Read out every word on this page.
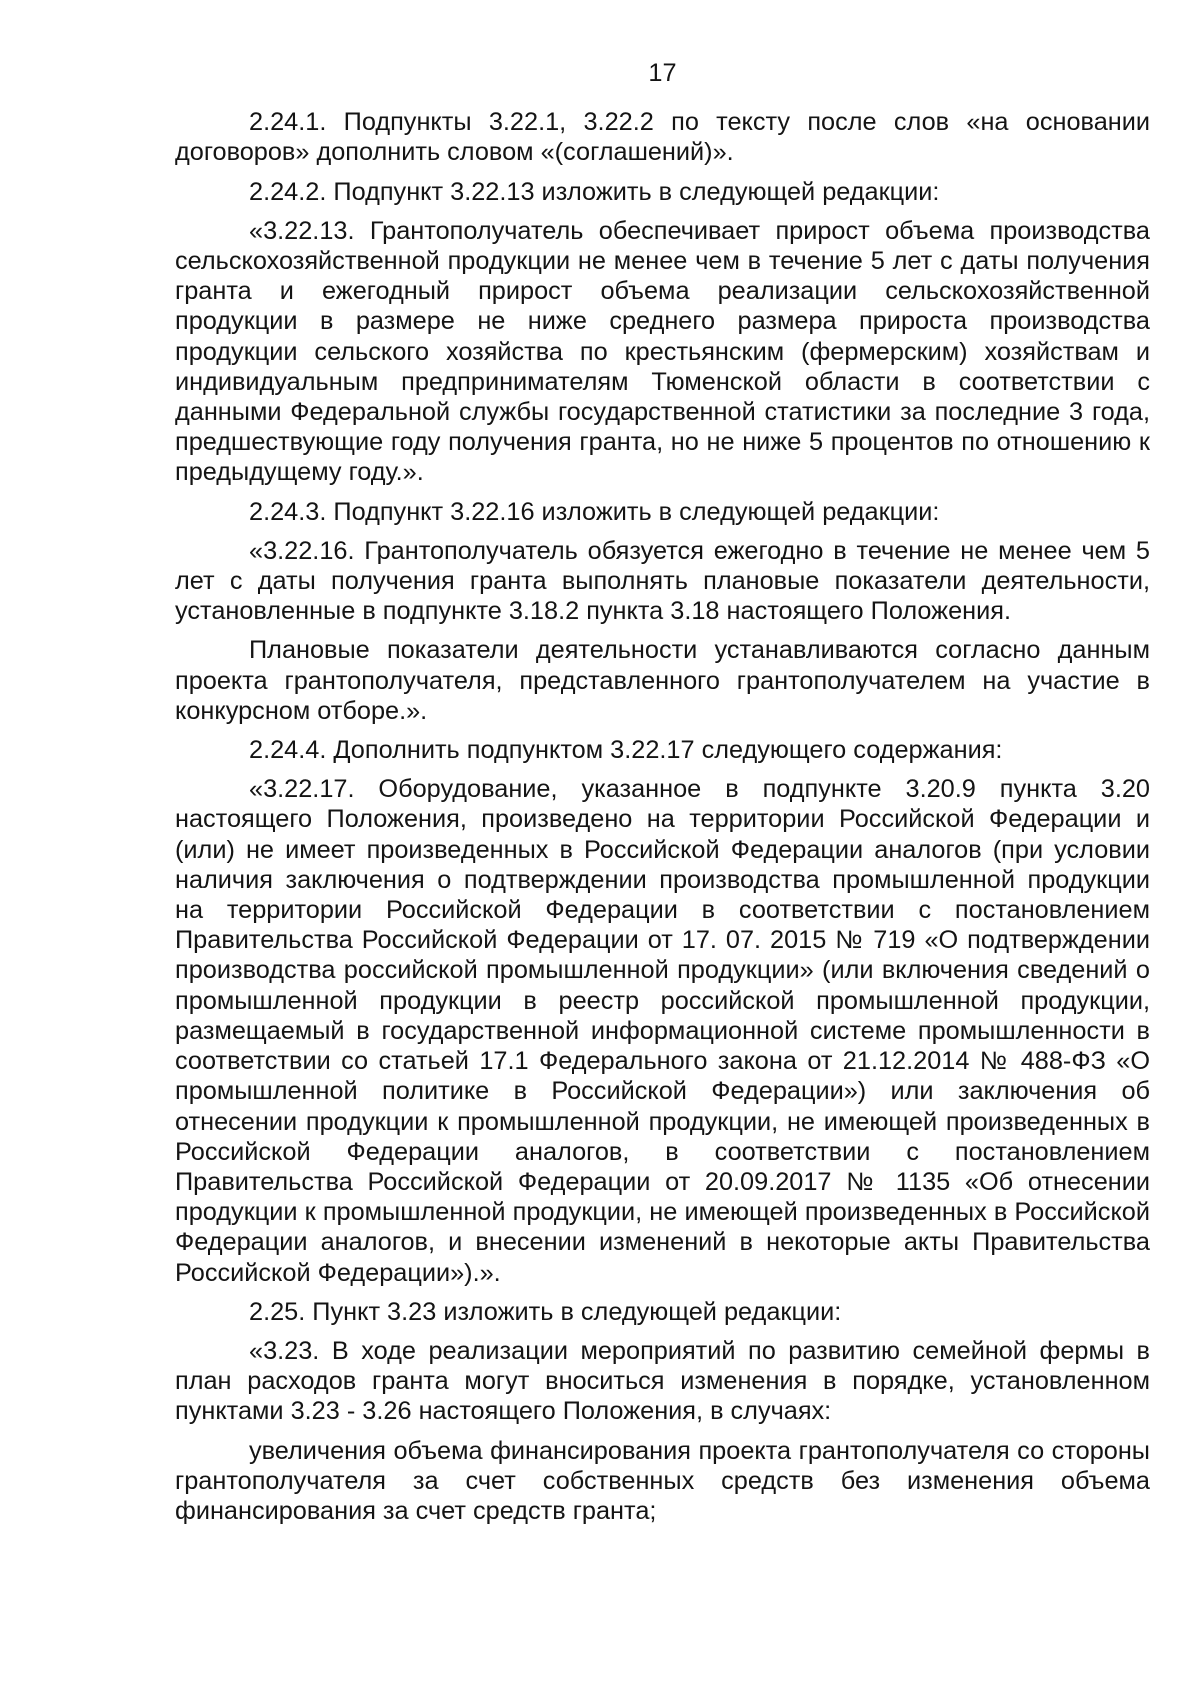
17

2.24.1. Подпункты 3.22.1, 3.22.2 по тексту после слов «на основании договоров» дополнить словом «(соглашений)».

2.24.2. Подпункт 3.22.13 изложить в следующей редакции:

«3.22.13. Грантополучатель обеспечивает прирост объема производства сельскохозяйственной продукции не менее чем в течение 5 лет с даты получения гранта и ежегодный прирост объема реализации сельскохозяйственной продукции в размере не ниже среднего размера прироста производства продукции сельского хозяйства по крестьянским (фермерским) хозяйствам и индивидуальным предпринимателям Тюменской области в соответствии с данными Федеральной службы государственной статистики за последние 3 года, предшествующие году получения гранта, но не ниже 5 процентов по отношению к предыдущему году.».

2.24.3. Подпункт 3.22.16 изложить в следующей редакции:

«3.22.16. Грантополучатель обязуется ежегодно в течение не менее чем 5 лет с даты получения гранта выполнять плановые показатели деятельности, установленные в подпункте 3.18.2 пункта 3.18 настоящего Положения.

Плановые показатели деятельности устанавливаются согласно данным проекта грантополучателя, представленного грантополучателем на участие в конкурсном отборе.».

2.24.4. Дополнить подпунктом 3.22.17 следующего содержания:

«3.22.17. Оборудование, указанное в подпункте 3.20.9 пункта 3.20 настоящего Положения, произведено на территории Российской Федерации и (или) не имеет произведенных в Российской Федерации аналогов (при условии наличия заключения о подтверждении производства промышленной продукции на территории Российской Федерации в соответствии с постановлением Правительства Российской Федерации от 17. 07. 2015 № 719 «О подтверждении производства российской промышленной продукции» (или включения сведений о промышленной продукции в реестр российской промышленной продукции, размещаемый в государственной информационной системе промышленности в соответствии со статьей 17.1 Федерального закона от 21.12.2014 № 488-ФЗ «О промышленной политике в Российской Федерации») или заключения об отнесении продукции к промышленной продукции, не имеющей произведенных в Российской Федерации аналогов, в соответствии с постановлением Правительства Российской Федерации от 20.09.2017 № 1135 «Об отнесении продукции к промышленной продукции, не имеющей произведенных в Российской Федерации аналогов, и внесении изменений в некоторые акты Правительства Российской Федерации»).».

2.25. Пункт 3.23 изложить в следующей редакции:

«3.23. В ходе реализации мероприятий по развитию семейной фермы в план расходов гранта могут вноситься изменения в порядке, установленном пунктами 3.23 - 3.26 настоящего Положения, в случаях:

увеличения объема финансирования проекта грантополучателя со стороны грантополучателя за счет собственных средств без изменения объема финансирования за счет средств гранта;
